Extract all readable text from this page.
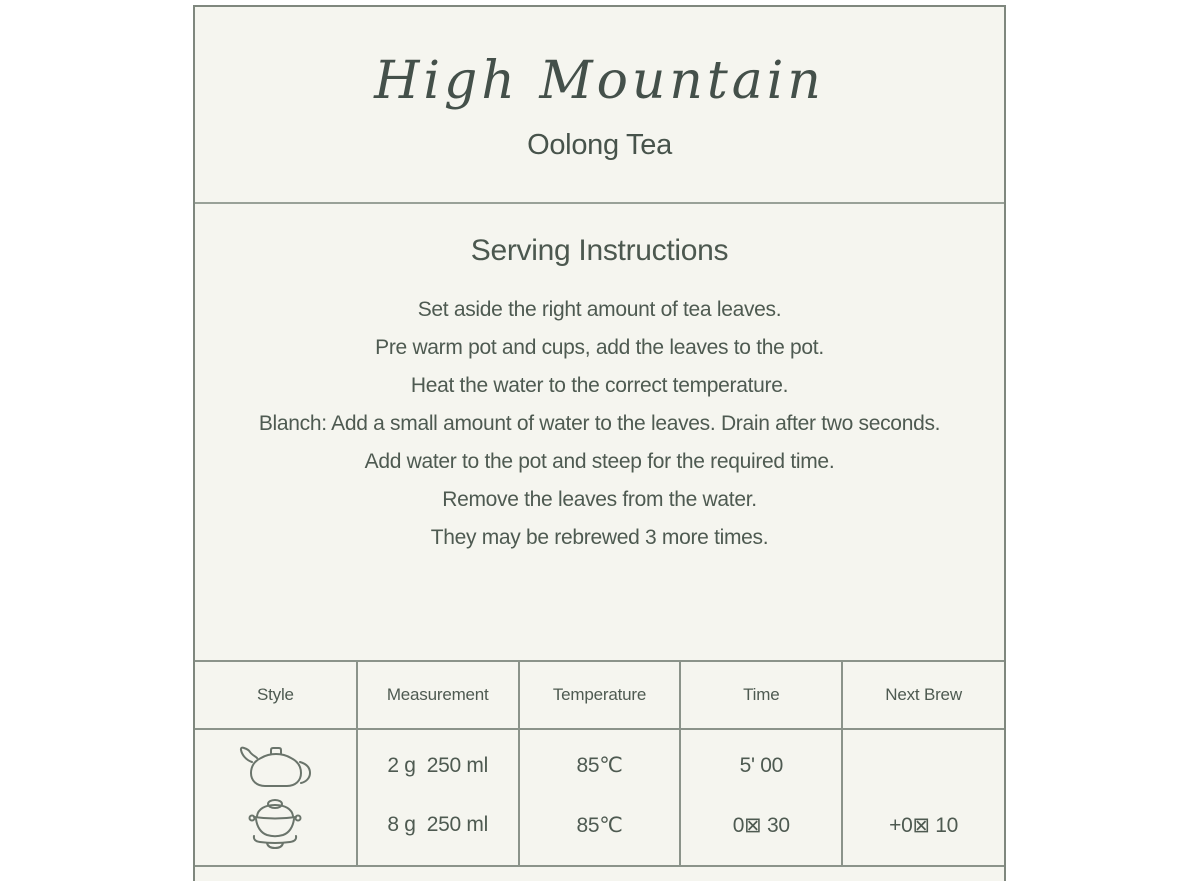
High Mountain
Oolong Tea
Serving Instructions

Set aside the right amount of tea leaves.

Pre warm pot and cups, add the leaves to the pot.

Heat the water to the correct temperature.

Blanch: Add a small amount of water to the leaves. Drain after two seconds.

Add water to the pot and steep for the required time.

Remove the leaves from the water.

They may be rebrewed 3 more times.

Style	Measurement	Temperature	Time	Next Brew

	2 g  250 ml	85℃	5' 00	

	8 g  250 ml	85℃	0⊠ 30	+0⊠ 10
